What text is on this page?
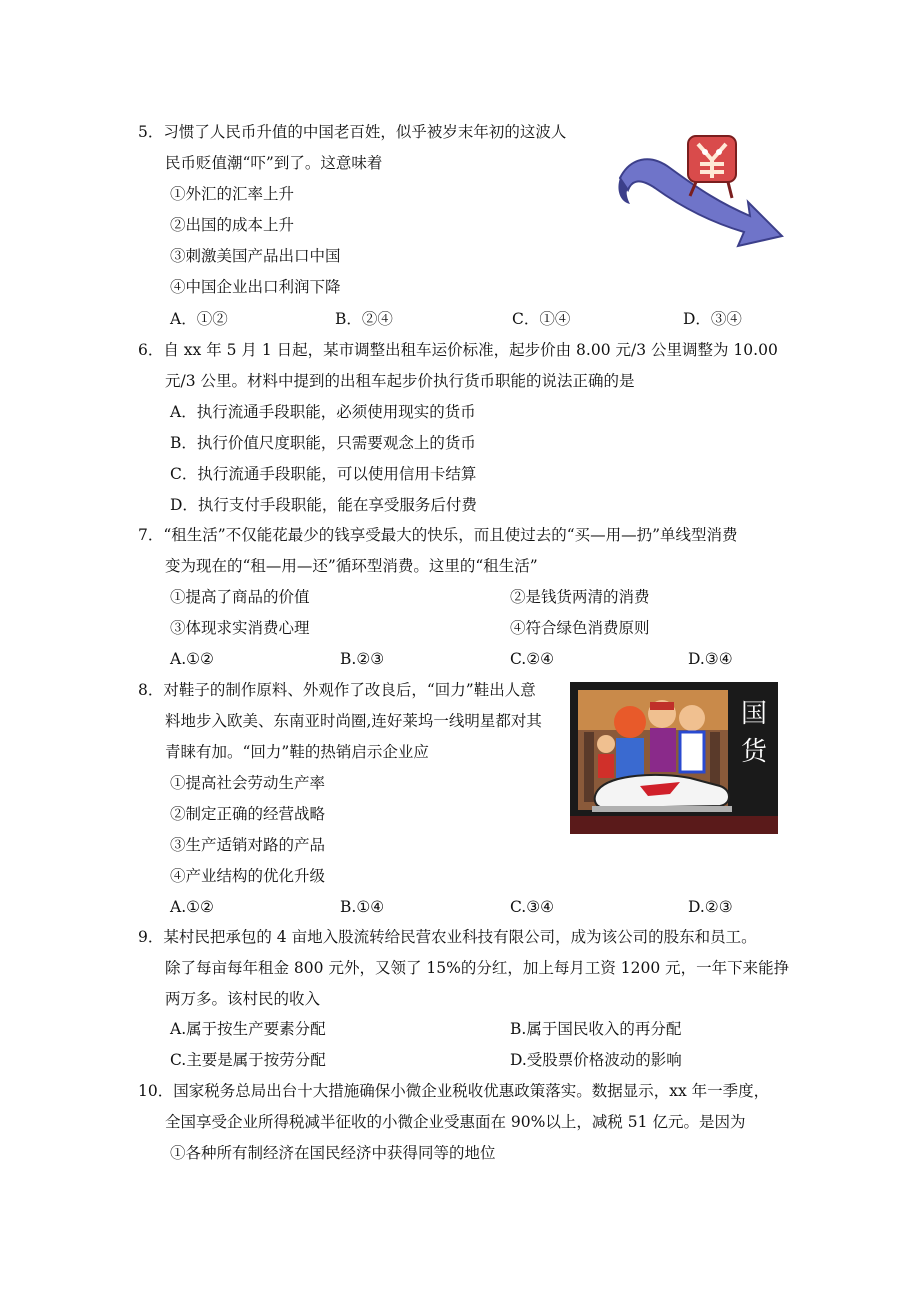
5．习惯了人民币升值的中国老百姓，似乎被岁末年初的这波人
民币贬值潮“吓”到了。这意味着
①外汇的汇率上升
②出国的成本上升
③刺激美国产品出口中国
④中国企业出口利润下降
A．①②	B．②④	C．①④	D．③④
6．自 xx 年 5 月 1 日起，某市调整出租车运价标准，起步价由 8.00 元/3 公里调整为 10.00
元/3 公里。材料中提到的出租车起步价执行货币职能的说法正确的是
A．执行流通手段职能，必须使用现实的货币
B．执行价值尺度职能，只需要观念上的货币
C．执行流通手段职能，可以使用信用卡结算
D．执行支付手段职能，能在享受服务后付费
7．“租生活”不仅能花最少的钱享受最大的快乐，而且使过去的“买—用—扔”单线型消费
变为现在的“租—用—还”循环型消费。这里的“租生活”
①提高了商品的价值	②是钱货两清的消费
③体现求实消费心理	④符合绿色消费原则
A.①②	B.②③	C.②④	D.③④
8．对鞋子的制作原料、外观作了改良后，“回力”鞋出人意
料地步入欧美、东南亚时尚圈,连好莱坞一线明星都对其
青睐有加。“回力”鞋的热销启示企业应
①提高社会劳动生产率
②制定正确的经营战略
③生产适销对路的产品
④产业结构的优化升级
A.①②	B.①④	C.③④	D.②③
国
货
9．某村民把承包的 4 亩地入股流转给民营农业科技有限公司，成为该公司的股东和员工。
除了每亩每年租金 800 元外，又领了 15%的分红，加上每月工资 1200 元，一年下来能挣
两万多。该村民的收入
A.属于按生产要素分配	B.属于国民收入的再分配
C.主要是属于按劳分配	D.受股票价格波动的影响
10．国家税务总局出台十大措施确保小微企业税收优惠政策落实。数据显示，xx 年一季度，
全国享受企业所得税减半征收的小微企业受惠面在 90%以上，减税 51 亿元。是因为
①各种所有制经济在国民经济中获得同等的地位
